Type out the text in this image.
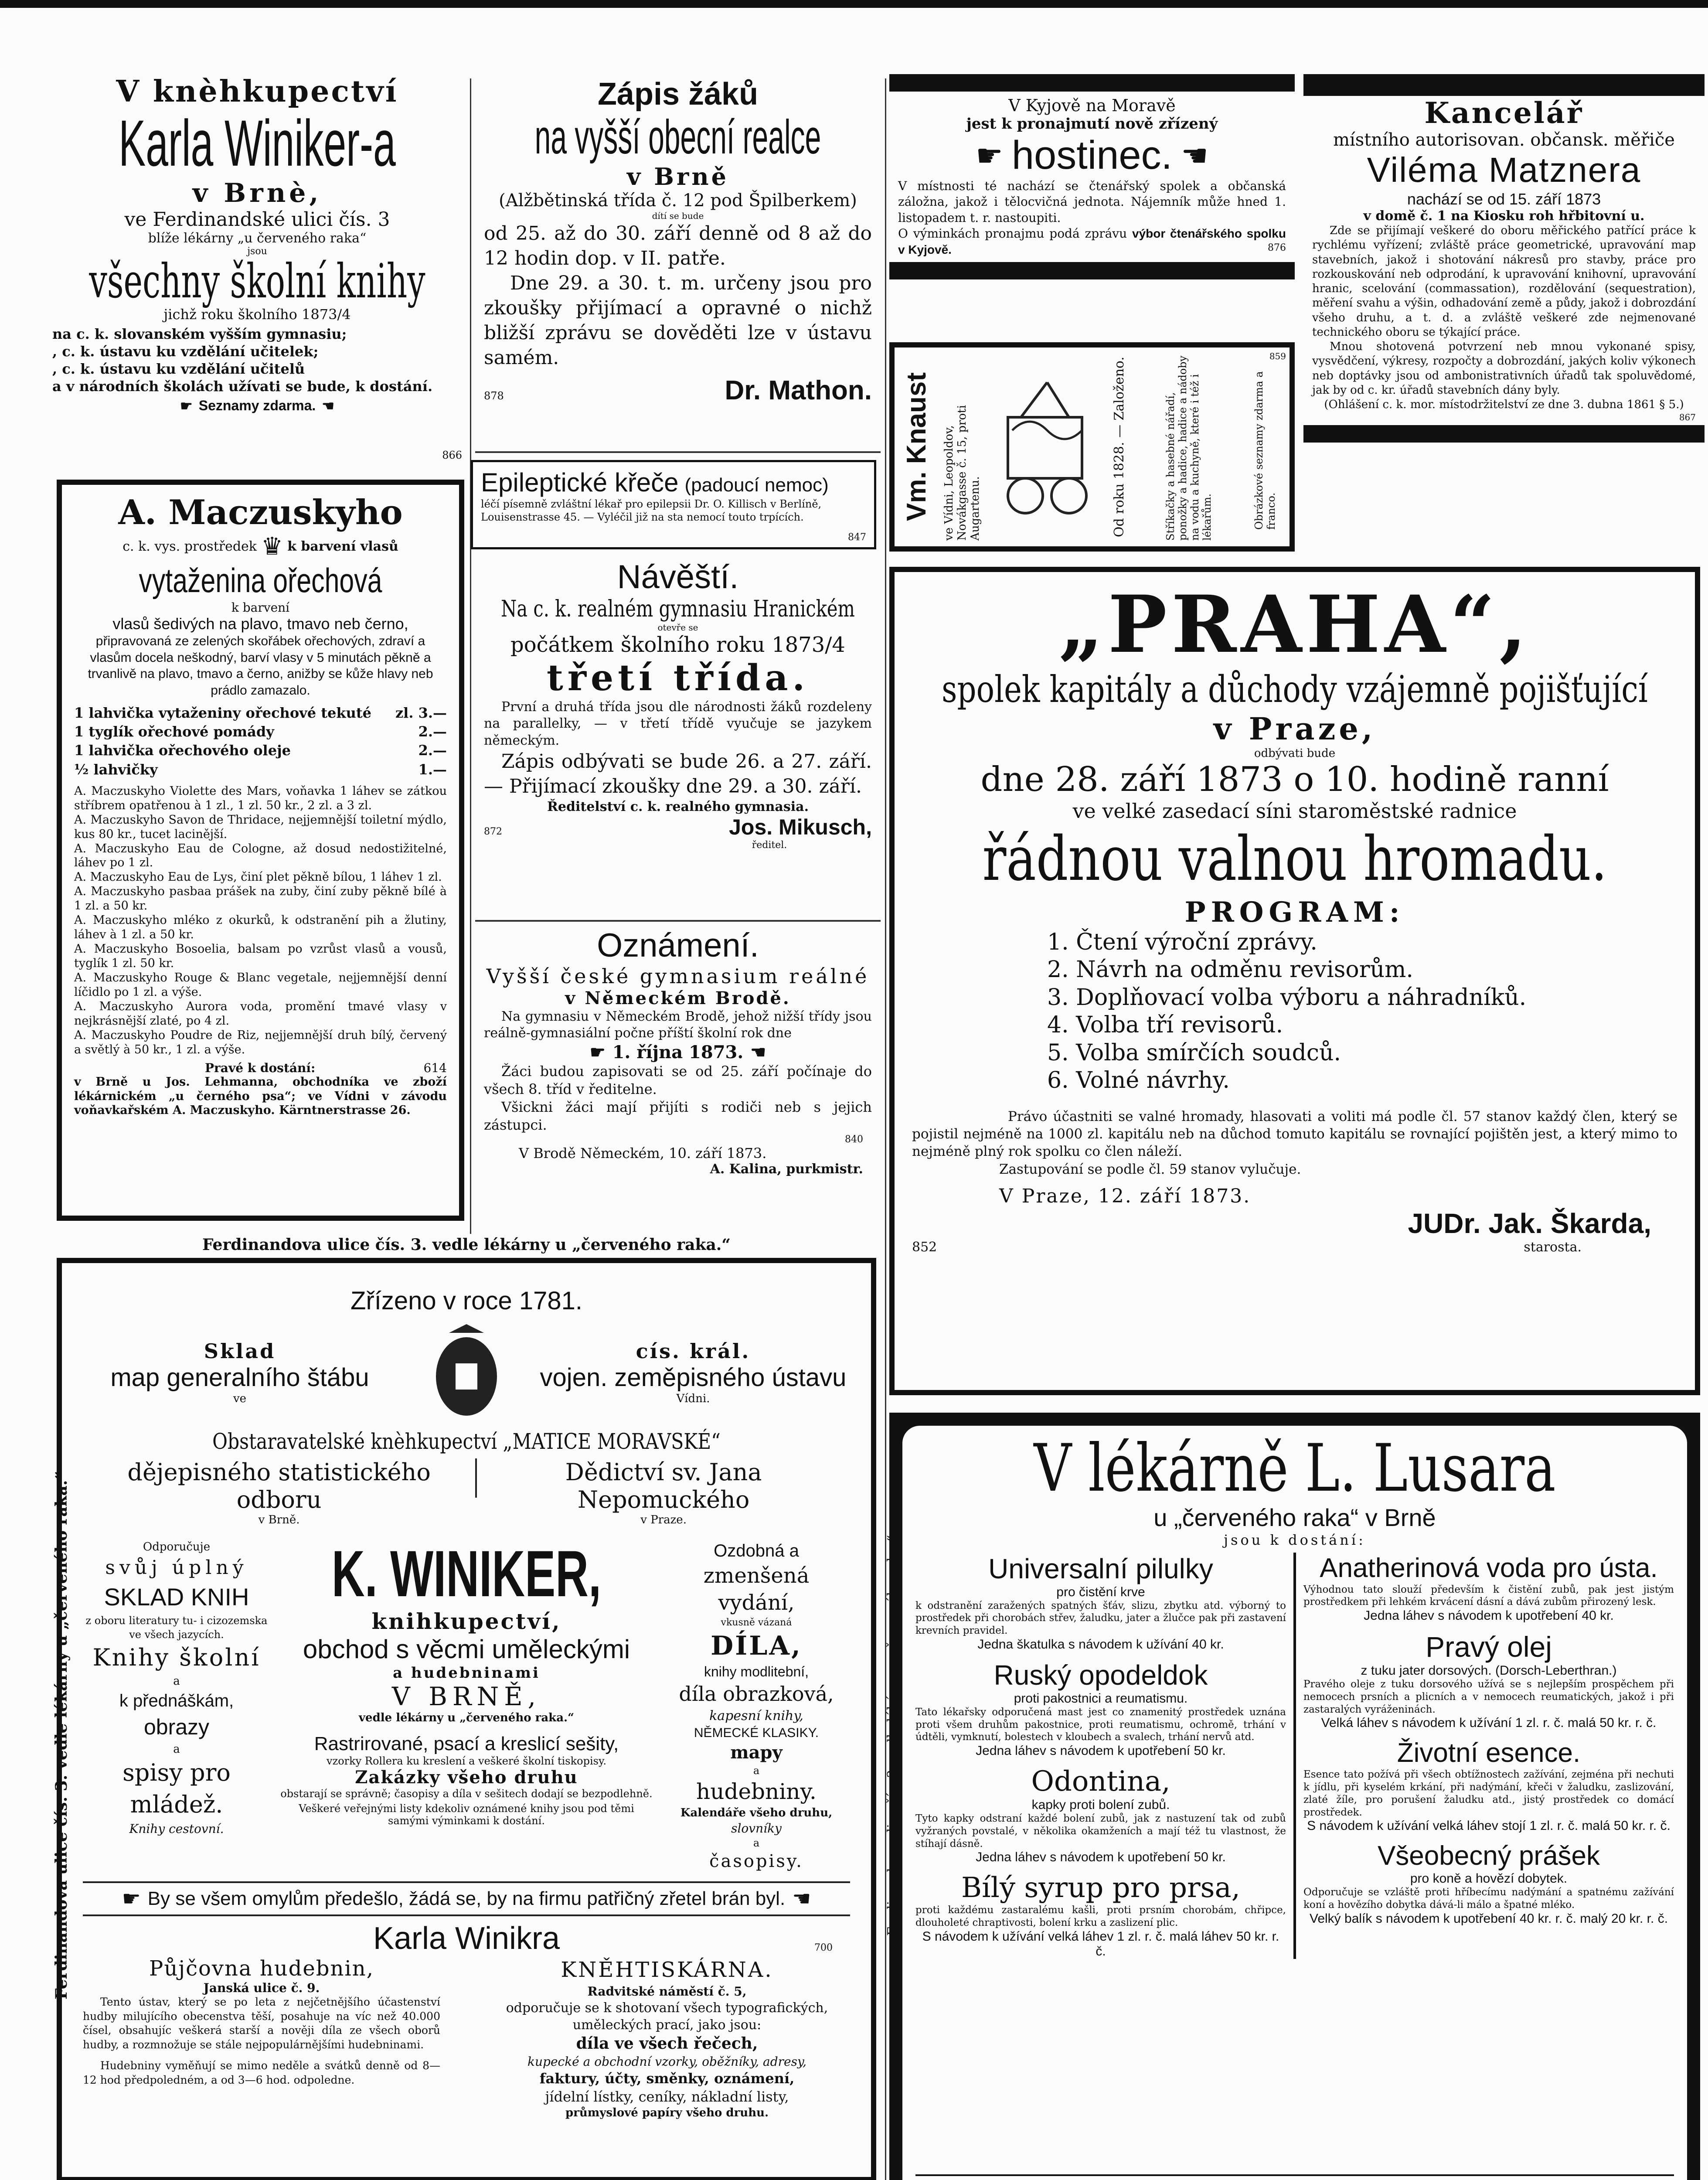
V knèhkupectví
Karla Winiker-a
v Brnè,
ve Ferdinandské ulici čís. 3
blíže lékárny „u červeného raka“
jsou
všechny školní knihy
jichž roku školního 1873/4
na c. k. slovanském vyšším gymnasiu;
, c. k. ústavu ku vzdělání učitelek;
, c. k. ústavu ku vzdělání učitelů
a v národních školách užívati se bude, k dostání.
☛ Seznamy zdarma. ☚
866
Zápis žáků
na vyšší obecní realce
v Brně
(Alžbětinská třída č. 12 pod Špilberkem)
dítí se bude
od 25. až do 30. září denně od 8 až do 12 hodin dop. v II. patře.
Dne 29. a 30. t. m. určeny jsou pro zkoušky přijímací a opravné o nichž bližší zprávu se dověděti lze v ústavu samém.
878	Dr. Mathon.
Epileptické křeče (padoucí nemoc)
léčí písemně zvláštní lékař pro epilepsii Dr. O. Killisch v Berlíně, Louisenstrasse 45. — Vyléčil již na sta nemocí touto trpících.
847
V Kyjově na Moravě
jest k pronajmutí nově zřízený
☛ hostinec. ☚
V místnosti té nachází se čtenářský spolek a občanská záložna, jakož i tělocvičná jednota. Nájemník může hned 1. listopadem t. r. nastoupiti.
O výminkách pronajmu podá zprávu výbor čtenářského spolku v Kyjově.	876
Vm. Knaust ve Vídni, Leopoldov, Novákgasse č. 15, proti Augartenu.	Od roku 1828. — Založeno.	Stříkačky a hasebné nářadí, ponožky a hadice, hadice a nádoby na vodu a kuchyně, které i též i lékařům.	Obrázkové seznamy zdarma a franco.
859
Kancelář
místního autorisovan. občansk. měřiče
Viléma Matznera
nachází se od 15. září 1873
v domě č. 1 na Kiosku roh hřbitovní u.
Zde se přijímají veškeré do oboru měřického patřící práce k rychlému vyřízení; zvláště práce geometrické, upravování map stavebních, jakož i shotování nákresů pro stavby, práce pro rozkouskování neb odprodání, k upravování knihovní, upravování hranic, scelování (commassation), rozdělování (sequestration), měření svahu a výšin, odhadování země a půdy, jakož i dobrozdání všeho druhu, a t. d. a zvláště veškeré zde nejmenované technického oboru se týkající práce.
Mnou shotovená potvrzení neb mnou vykonané spisy, vysvědčení, výkresy, rozpočty a dobrozdání, jakých koliv výkonech neb doptávky jsou od ambonistrativních úřadů tak spoluvědomé, jak by od c. kr. úřadů stavebních dány byly.
(Ohlášení c. k. mor. místodržitelství ze dne 3. dubna 1861 § 5.)
867
A. Maczuskyho
c. k. vys. prostředek ♛ k barvení vlasů
vytaženina ořechová
k barvení
vlasů šedivých na plavo, tmavo neb černo,
připravovaná ze zelených skořábek ořechových, zdraví a vlasům docela neškodný, barví vlasy v 5 minutách pěkně a trvanlivě na plavo, tmavo a černo, anižby se kůže hlavy neb prádlo zamazalo.
1 lahvička vytaženiny ořechové tekuté zl. 3.—
1 tyglík ořechové pomády	2.—
1 lahvička ořechového oleje	2.—
½ lahvičky	1.—
A. Maczuskyho Violette des Mars, voňavka 1 láhev se zátkou stříbrem opatřenou à 1 zl., 1 zl. 50 kr., 2 zl. a 3 zl.
A. Maczuskyho Savon de Thridace, nejjemnější toiletní mýdlo, kus 80 kr., tucet lacinější.
A. Maczuskyho Eau de Cologne, až dosud nedostižitelné, láhev po 1 zl.
A. Maczuskyho Eau de Lys, činí plet pěkně bílou, 1 láhev 1 zl.
A. Maczuskyho pasbaa prášek na zuby, činí zuby pěkně bílé à 1 zl. a 50 kr.
A. Maczuskyho mléko z okurků, k odstranění pih a žlutiny, láhev à 1 zl. a 50 kr.
A. Maczuskyho Bosoelia, balsam po vzrůst vlasů a vousů, tyglík 1 zl. 50 kr.
A. Maczuskyho Rouge & Blanc vegetale, nejjemnější denní líčidlo po 1 zl. a výše.
A. Maczuskyho Aurora voda, promění tmavé vlasy v nejkrásnější zlaté, po 4 zl.
A. Maczuskyho Poudre de Riz, nejjemnější druh bílý, červený a světlý à 50 kr., 1 zl. a výše.
Pravé k dostání:	614
v Brně u Jos. Lehmanna, obchodníka ve zboží lékárnickém „u černého psa“; ve Vídni v závodu voňavkařském A. Maczuskyho. Kärntnerstrasse 26.
Návěští.
Na c. k. realném gymnasiu Hranickém
otevře se
počátkem školního roku 1873/4
třetí třída.
První a druhá třída jsou dle národnosti žáků rozdeleny na parallelky, — v třetí třídě vyučuje se jazykem německým.
Zápis odbývati se bude 26. a 27. září. — Přijímací zkoušky dne 29. a 30. září.
Ředitelství c. k. realného gymnasia.
872	Jos. Mikusch,
ředitel.
Oznámení.
Vyšší české gymnasium reálné
v Německém Brodě.
Na gymnasiu v Německém Brodě, jehož nižší třídy jsou reálně-gymnasiální počne příští školní rok dne
☛ 1. října 1873. ☚
Žáci budou zapisovati se od 25. září počínaje do všech 8. tříd v ředitelne.
Všickni žáci mají přijíti s rodiči neb s jejich zástupci.
840
V Brodě Německém, 10. září 1873.
A. Kalina, purkmistr.
„PRAHA“,
spolek kapitály a důchody vzájemně pojišťující
v Praze,
odbývati bude
dne 28. září 1873 o 10. hodině ranní
ve velké zasedací síni staroměstské radnice
řádnou valnou hromadu.
PROGRAM:
1. Čtení výroční zprávy.
2. Návrh na odměnu revisorům.
3. Doplňovací volba výboru a náhradníků.
4. Volba tří revisorů.
5. Volba smírčích soudců.
6. Volné návrhy.
Právo účastniti se valné hromady, hlasovati a voliti má podle čl. 57 stanov každý člen, který se pojistil nejméně na 1000 zl. kapitálu neb na důchod tomuto kapitálu se rovnající pojištěn jest, a který mimo to nejméně plný rok spolku co člen náleží.
Zastupování se podle čl. 59 stanov vylučuje.
V Praze, 12. září 1873.
JUDr. Jak. Škarda,
852	starosta.
Ferdinandova ulice čís. 3. vedle lékárny u „červeného raka.“
Ferdinandova ulice čís. 3. vedle lékárny u „červeného raka.“
Zřízeno v roce 1781.
Sklad
map generalního štábu
ve
cís. král.
vojen. zeměpisného ústavu
Vídni.
Obstaravatelské knèhkupectví „MATICE MORAVSKÉ“
dějepisného statistického odboru
v Brně.
Dědictví sv. Jana Nepomuckého
v Praze.
Odporučuje
svůj úplný
SKLAD KNIH
z oboru literatury tu- i cizozemska ve všech jazycích.
Knihy školní
a
k přednáškám,
obrazy
a
spisy pro mládež.
Knihy cestovní.
K. WINIKER,
knihkupectví,
obchod s věcmi uměleckými
a hudebninami
V BRNĚ,
vedle lékárny u „červeného raka.“
Rastrirované, psací a kreslicí sešity,
vzorky Rollera ku kreslení a veškeré školní tiskopisy.
Zakázky všeho druhu
obstarají se správně; časopisy a díla v sešitech dodají se bezpodlehně.
Veškeré veřejnými listy kdekoliv oznámené knihy jsou pod těmi samými výminkami k dostání.
Ozdobná a
zmenšená vydání,
vkusně vázaná
DÍLA,
knihy modlitební,
díla obrazková,
kapesní knihy,
NĚMECKÉ KLASIKY.
mapy
a
hudebniny.
Kalendáře všeho druhu,
slovníky
a
časopisy.
☛ By se všem omylům předešlo, žádá se, by na firmu patřičný zřetel brán byl. ☚
Karla Winikra	700
Půjčovna hudebnin,
Janská ulice č. 9.
Tento ústav, který se po leta z nejčetnějšího účastenství hudby milujícího obecenstva těší, posahuje na víc než 40.000 čísel, obsahujíc veškerá starší a nověji díla ze všech oborů hudby, a rozmnožuje se stále nejpopulárnějšími hudebninami.
Hudebniny vyměňují se mimo neděle a svátků denně od 8—12 hod předpoledném, a od 3—6 hod. odpoledne.
KNĚHTISKÁRNA.
Radvitské náměstí č. 5,
odporučuje se k shotovaní všech typografických, uměleckých prací, jako jsou:
díla ve všech řečech,
kupecké a obchodní vzorky, oběžníky, adresy,
faktury, účty, směnky, oznámení,
jídelní lístky, ceníky, nákladní listy,
průmyslové papíry všeho druhu.
V lékárně L. Lusara
u „červeného raka“ v Brně
jsou k dostání:
Universalní pilulky
pro čistění krve
k odstranění zaražených spatných šťáv, slizu, zbytku atd. výborný to prostředek při chorobách střev, žaludku, jater a žlučce pak při zastavení krevních pravidel.
Jedna škatulka s návodem k užívání 40 kr.
Ruský opodeldok
proti pakostnici a reumatismu.
Tato lékařsky odporučená mast jest co znamenitý prostředek uznána proti všem druhům pakostnice, proti reumatismu, ochromě, trhání v údtěli, vymknutí, bolestech v kloubech a svalech, trhání nervů atd.
Jedna láhev s návodem k upotřebení 50 kr.
Odontina,
kapky proti bolení zubů.
Tyto kapky odstraní každé bolení zubů, jak z nastuzení tak od zubů vyžraných povstalé, v několika okamženích a mají též tu vlastnost, že stíhají dásně.
Jedna láhev s návodem k upotřebení 50 kr.
Bílý syrup pro prsa,
proti každému zastaralému kašli, proti prsním chorobám, chřipce, dlouholeté chraptivosti, bolení krku a zaslizení plic.
S návodem k užívání velká láhev 1 zl. r. č. malá láhev 50 kr. r. č.
Anatherinová voda pro ústa.
Výhodnou tato slouží především k čistění zubů, pak jest jistým prostředkem při lehkém krvácení dásní a dává zubům přirozený lesk.
Jedna láhev s návodem k upotřebení 40 kr.
Pravý olej
z tuku jater dorsových. (Dorsch-Leberthran.)
Pravého oleje z tuku dorsového užívá se s nejlepším prospěchem při nemocech prsních a plicních a v nemocech reumatických, jakož i při zastaralých vyráženinách.
Velká láhev s návodem k užívání 1 zl. r. č. malá 50 kr. r. č.
Životní esence.
Esence tato požívá při všech obtížnostech zažívání, zejména při nechuti k jídlu, při kyselém krkání, při nadýmání, křeči v žaludku, zaslizování, zlaté žíle, pro porušení žaludku atd., jistý prostředek co domácí prostředek.
S návodem k užívání velká láhev stojí 1 zl. r. č. malá 50 kr. r. č.
Všeobecný prášek
pro koně a hovězí dobytek.
Odporučuje se vzláště proti hříbecímu nadýmání a spatnému zažívání koní a hovězího dobytka dává-li málo a špatné mléko.
Velký balík s návodem k upotřebení 40 kr. r. č. malý 20 kr. r. č.
